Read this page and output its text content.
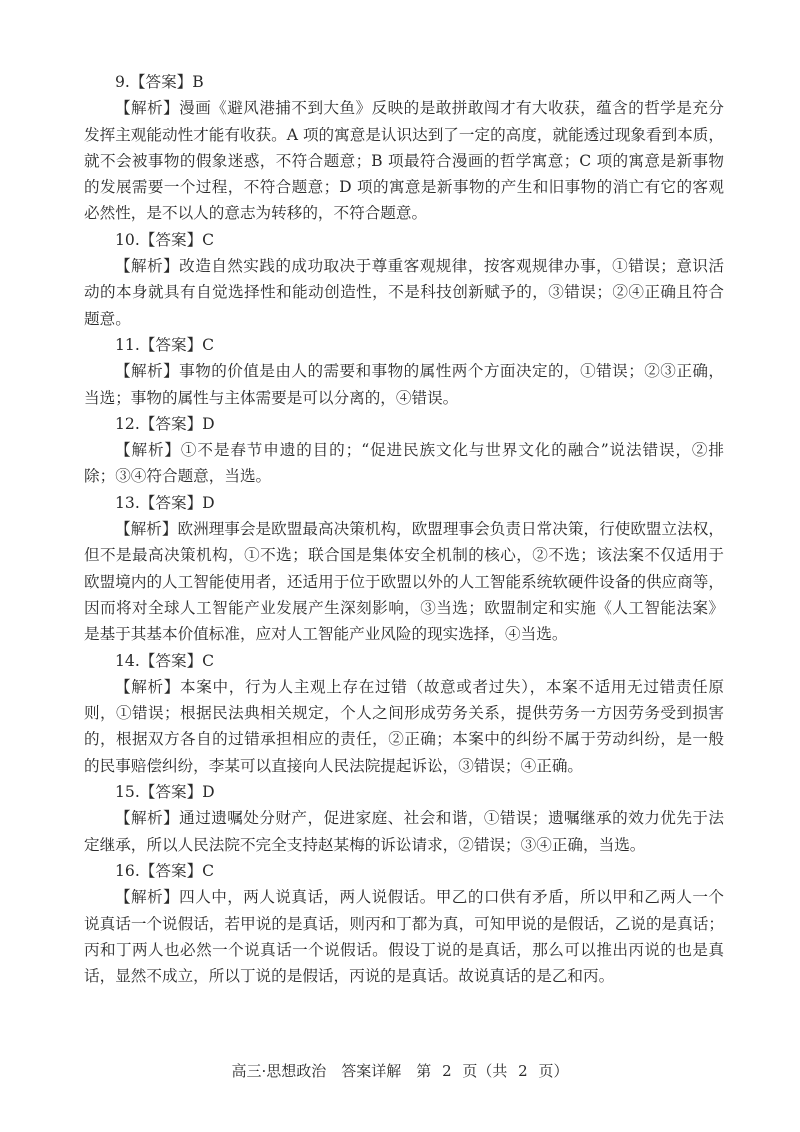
9.【答案】B
【解析】漫画《避风港捕不到大鱼》反映的是敢拼敢闯才有大收获，蕴含的哲学是充分
发挥主观能动性才能有收获。A 项的寓意是认识达到了一定的高度，就能透过现象看到本质，
就不会被事物的假象迷惑，不符合题意；B 项最符合漫画的哲学寓意；C 项的寓意是新事物
的发展需要一个过程，不符合题意；D 项的寓意是新事物的产生和旧事物的消亡有它的客观
必然性，是不以人的意志为转移的，不符合题意。
10.【答案】C
【解析】改造自然实践的成功取决于尊重客观规律，按客观规律办事，①错误；意识活
动的本身就具有自觉选择性和能动创造性，不是科技创新赋予的，③错误；②④正确且符合
题意。
11.【答案】C
【解析】事物的价值是由人的需要和事物的属性两个方面决定的，①错误；②③正确，
当选；事物的属性与主体需要是可以分离的，④错误。
12.【答案】D
【解析】①不是春节申遗的目的；“促进民族文化与世界文化的融合”说法错误，②排
除；③④符合题意，当选。
13.【答案】D
【解析】欧洲理事会是欧盟最高决策机构，欧盟理事会负责日常决策，行使欧盟立法权，
但不是最高决策机构，①不选；联合国是集体安全机制的核心，②不选；该法案不仅适用于
欧盟境内的人工智能使用者，还适用于位于欧盟以外的人工智能系统软硬件设备的供应商等，
因而将对全球人工智能产业发展产生深刻影响，③当选；欧盟制定和实施《人工智能法案》
是基于其基本价值标准，应对人工智能产业风险的现实选择，④当选。
14.【答案】C
【解析】本案中，行为人主观上存在过错（故意或者过失），本案不适用无过错责任原
则，①错误；根据民法典相关规定，个人之间形成劳务关系，提供劳务一方因劳务受到损害
的，根据双方各自的过错承担相应的责任，②正确；本案中的纠纷不属于劳动纠纷，是一般
的民事赔偿纠纷，李某可以直接向人民法院提起诉讼，③错误；④正确。
15.【答案】D
【解析】通过遗嘱处分财产，促进家庭、社会和谐，①错误；遗嘱继承的效力优先于法
定继承，所以人民法院不完全支持赵某梅的诉讼请求，②错误；③④正确，当选。
16.【答案】C
【解析】四人中，两人说真话，两人说假话。甲乙的口供有矛盾，所以甲和乙两人一个
说真话一个说假话，若甲说的是真话，则丙和丁都为真，可知甲说的是假话，乙说的是真话；
丙和丁两人也必然一个说真话一个说假话。假设丁说的是真话，那么可以推出丙说的也是真
话，显然不成立，所以丁说的是假话，丙说的是真话。故说真话的是乙和丙。
高三·思想政治　答案详解　第 2 页（共 2 页）
